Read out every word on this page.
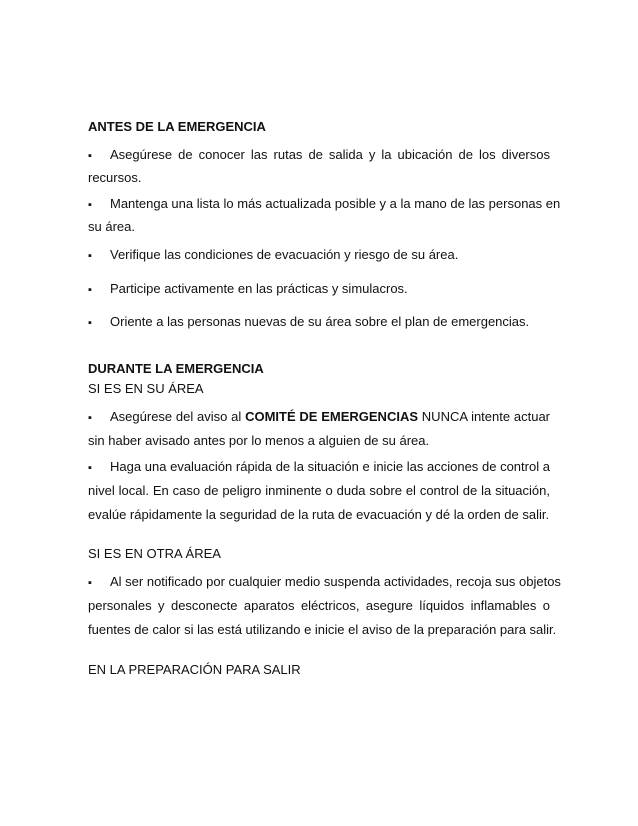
ANTES DE LA EMERGENCIA
▪ Asegúrese de conocer las rutas de salida y la ubicación de los diversos
recursos.
▪ Mantenga una lista lo más actualizada posible y a la mano de las personas en
su área.
▪ Verifique las condiciones de evacuación y riesgo de su área.
▪ Participe activamente en las prácticas y simulacros.
▪ Oriente a las personas nuevas de su área sobre el plan de emergencias.
DURANTE LA EMERGENCIA
SI ES EN SU ÁREA
▪ Asegúrese del aviso al COMITÉ DE EMERGENCIAS NUNCA intente actuar
sin haber avisado antes por lo menos a alguien de su área.
▪ Haga una evaluación rápida de la situación e inicie las acciones de control a
nivel local. En caso de peligro inminente o duda sobre el control de la situación,
evalúe rápidamente la seguridad de la ruta de evacuación y dé la orden de salir.
SI ES EN OTRA ÁREA
▪ Al ser notificado por cualquier medio suspenda actividades, recoja sus objetos
personales y desconecte aparatos eléctricos, asegure líquidos inflamables o
fuentes de calor si las está utilizando e inicie el aviso de la preparación para salir.
EN LA PREPARACIÓN PARA SALIR
